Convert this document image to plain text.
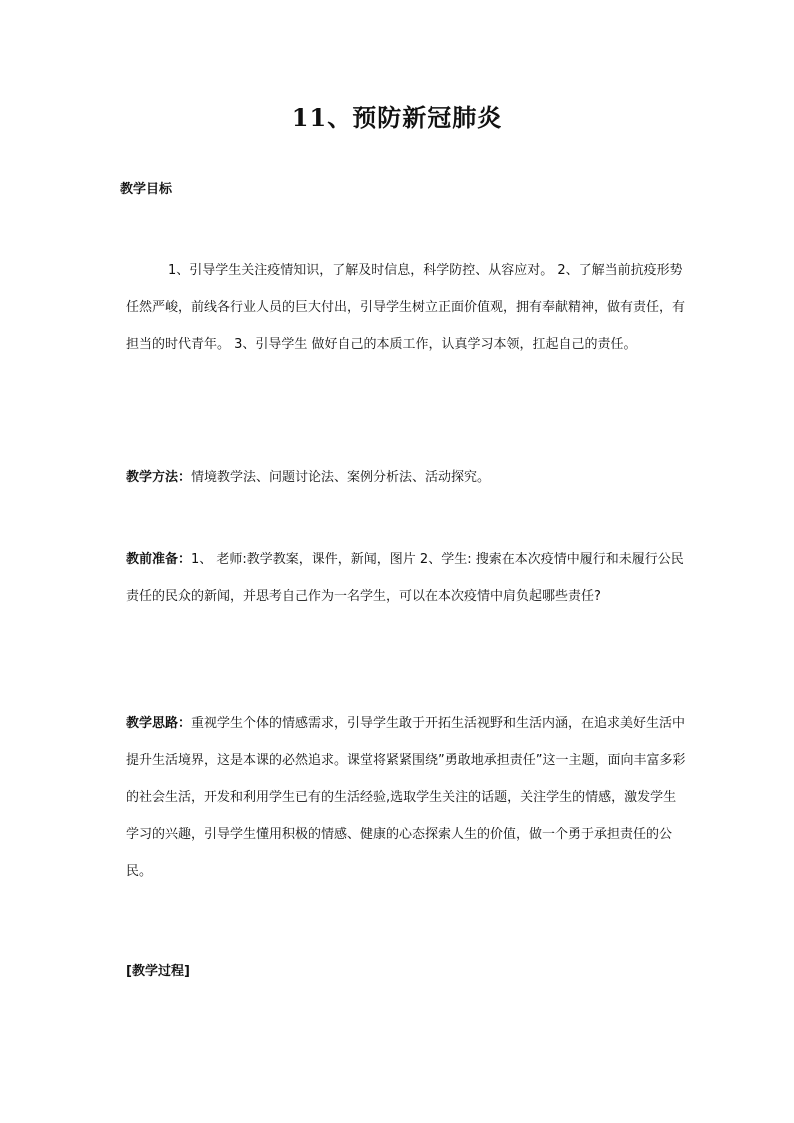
11、预防新冠肺炎
教学目标
1、引导学生关注疫情知识，了解及时信息，科学防控、从容应对。 2、了解当前抗疫形势任然严峻，前线各行业人员的巨大付出，引导学生树立正面价值观，拥有奉献精神，做有责任，有担当的时代青年。 3、引导学生 做好自己的本质工作，认真学习本领，扛起自己的责任。
教学方法：情境教学法、问题讨论法、案例分析法、活动探究。
教前准备：1、 老师:教学教案，课件，新闻，图片 2、学生: 搜索在本次疫情中履行和未履行公民责任的民众的新闻，并思考自己作为一名学生，可以在本次疫情中肩负起哪些责任?
教学思路：重视学生个体的情感需求，引导学生敢于开拓生活视野和生活内涵，在追求美好生活中提升生活境界，这是本课的必然追求。课堂将紧紧围绕”勇敢地承担责任”这一主题，面向丰富多彩的社会生活，开发和利用学生已有的生活经验,选取学生关注的话题，关注学生的情感，激发学生学习的兴趣，引导学生懂用积极的情感、健康的心态探索人生的价值，做一个勇于承担责任的公民。
[教学过程]
